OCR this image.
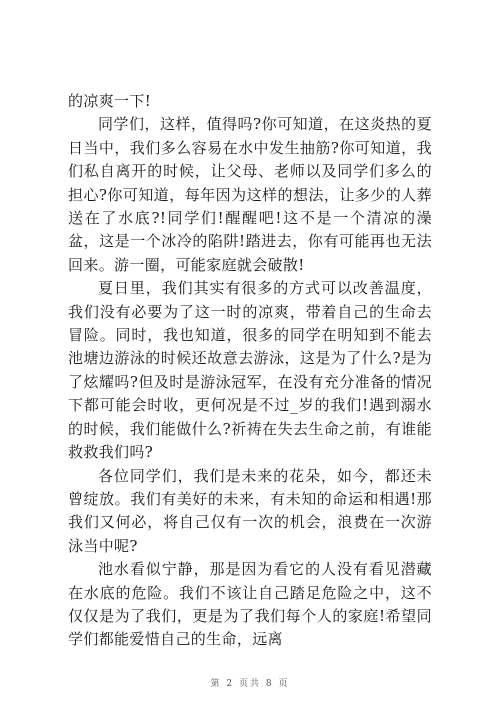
的凉爽一下!

同学们，这样，值得吗?你可知道，在这炎热的夏日当中，我们多么容易在水中发生抽筋?你可知道，我们私自离开的时候，让父母、老师以及同学们多么的担心?你可知道，每年因为这样的想法，让多少的人葬送在了水底?!同学们!醒醒吧!这不是一个清凉的澡盆，这是一个冰冷的陷阱!踏进去，你有可能再也无法回来。游一圈，可能家庭就会破散!

夏日里，我们其实有很多的方式可以改善温度，我们没有必要为了这一时的凉爽，带着自己的生命去冒险。同时，我也知道，很多的同学在明知到不能去池塘边游泳的时候还故意去游泳，这是为了什么?是为了炫耀吗?但及时是游泳冠军，在没有充分准备的情况下都可能会时收，更何况是不过_岁的我们!遇到溺水的时候，我们能做什么?祈祷在失去生命之前，有谁能救救我们吗?

各位同学们，我们是未来的花朵，如今，都还未曾绽放。我们有美好的未来，有未知的命运和相遇!那我们又何必，将自己仅有一次的机会，浪费在一次游泳当中呢?

池水看似宁静，那是因为看它的人没有看见潜藏在水底的危险。我们不该让自己踏足危险之中，这不仅仅是为了我们，更是为了我们每个人的家庭!希望同学们都能爱惜自己的生命，远离

第 2 页共 8 页
